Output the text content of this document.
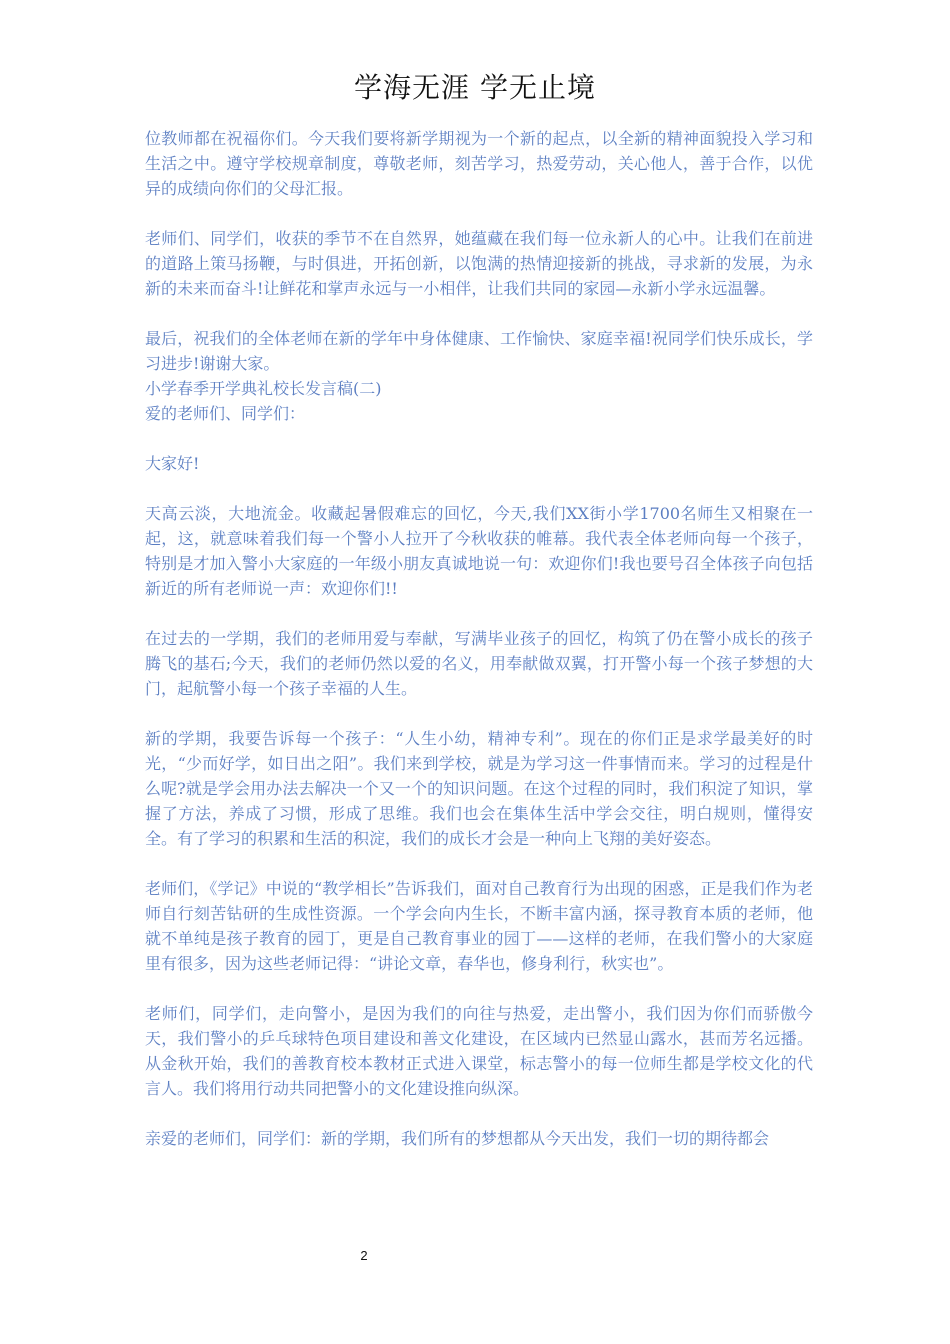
学海无涯 学无止境

位教师都在祝福你们。今天我们要将新学期视为一个新的起点，以全新的精神面貌投入学习和生活之中。遵守学校规章制度，尊敬老师，刻苦学习，热爱劳动，关心他人，善于合作，以优异的成绩向你们的父母汇报。

老师们、同学们，收获的季节不在自然界，她蕴藏在我们每一位永新人的心中。让我们在前进的道路上策马扬鞭，与时俱进，开拓创新，以饱满的热情迎接新的挑战，寻求新的发展，为永新的未来而奋斗!让鲜花和掌声永远与一小相伴，让我们共同的家园—永新小学永远温馨。

最后，祝我们的全体老师在新的学年中身体健康、工作愉快、家庭幸福!祝同学们快乐成长，学习进步!谢谢大家。

小学春季开学典礼校长发言稿(二)

爱的老师们、同学们：

大家好!

天高云淡，大地流金。收藏起暑假难忘的回忆，今天,我们XX街小学1700名师生又相聚在一起，这，就意味着我们每一个警小人拉开了今秋收获的帷幕。我代表全体老师向每一个孩子，特别是才加入警小大家庭的一年级小朋友真诚地说一句：欢迎你们!我也要号召全体孩子向包括新近的所有老师说一声：欢迎你们!!

在过去的一学期，我们的老师用爱与奉献，写满毕业孩子的回忆，构筑了仍在警小成长的孩子腾飞的基石;今天，我们的老师仍然以爱的名义，用奉献做双翼，打开警小每一个孩子梦想的大门，起航警小每一个孩子幸福的人生。

新的学期，我要告诉每一个孩子：“人生小幼，精神专利”。现在的你们正是求学最美好的时光，“少而好学，如日出之阳”。我们来到学校，就是为学习这一件事情而来。学习的过程是什么呢?就是学会用办法去解决一个又一个的知识问题。在这个过程的同时，我们积淀了知识，掌握了方法，养成了习惯，形成了思维。我们也会在集体生活中学会交往，明白规则，懂得安全。有了学习的积累和生活的积淀，我们的成长才会是一种向上飞翔的美好姿态。

老师们，《学记》中说的“教学相长”告诉我们，面对自己教育行为出现的困惑，正是我们作为老师自行刻苦钻研的生成性资源。一个学会向内生长，不断丰富内涵，探寻教育本质的老师，他就不单纯是孩子教育的园丁，更是自己教育事业的园丁——这样的老师，在我们警小的大家庭里有很多，因为这些老师记得：“讲论文章，春华也，修身利行，秋实也”。

老师们，同学们，走向警小，是因为我们的向往与热爱，走出警小，我们因为你们而骄傲今天，我们警小的乒乓球特色项目建设和善文化建设，在区域内已然显山露水，甚而芳名远播。从金秋开始，我们的善教育校本教材正式进入课堂，标志警小的每一位师生都是学校文化的代言人。我们将用行动共同把警小的文化建设推向纵深。

亲爱的老师们，同学们：新的学期，我们所有的梦想都从今天出发，我们一切的期待都会

2
